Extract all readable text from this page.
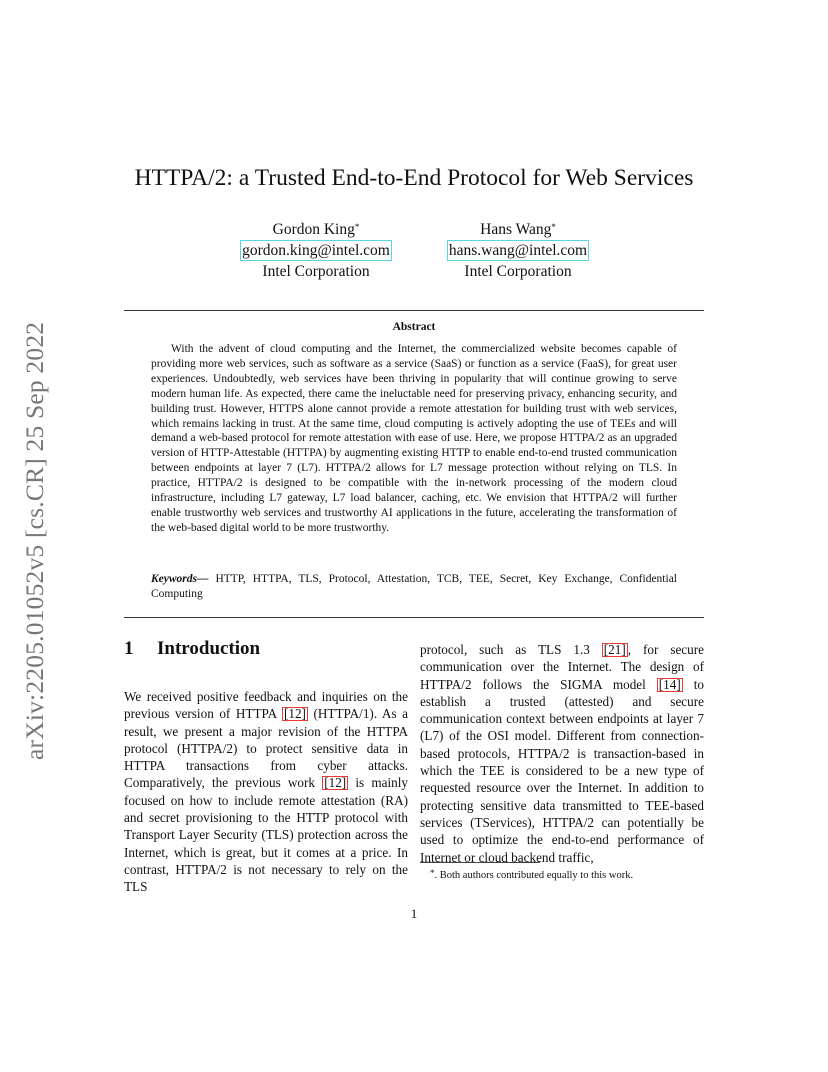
arXiv:2205.01052v5 [cs.CR] 25 Sep 2022
HTTPA/2: a Trusted End-to-End Protocol for Web Services
Gordon King*
gordon.king@intel.com
Intel Corporation
Hans Wang*
hans.wang@intel.com
Intel Corporation
Abstract

With the advent of cloud computing and the Internet, the commercialized website becomes capable of providing more web services, such as software as a service (SaaS) or function as a service (FaaS), for great user experiences. Undoubtedly, web services have been thriving in popularity that will continue growing to serve modern human life. As expected, there came the ineluctable need for preserving privacy, enhancing security, and building trust. However, HTTPS alone cannot provide a remote attestation for building trust with web services, which remains lacking in trust. At the same time, cloud computing is actively adopting the use of TEEs and will demand a web-based protocol for remote attestation with ease of use. Here, we propose HTTPA/2 as an upgraded version of HTTP-Attestable (HTTPA) by augmenting existing HTTP to enable end-to-end trusted communication between endpoints at layer 7 (L7). HTTPA/2 allows for L7 message protection without relying on TLS. In practice, HTTPA/2 is designed to be compatible with the in-network processing of the modern cloud infrastructure, including L7 gateway, L7 load balancer, caching, etc. We envision that HTTPA/2 will further enable trustworthy web services and trustworthy AI applications in the future, accelerating the transformation of the web-based digital world to be more trustworthy.

Keywords— HTTP, HTTPA, TLS, Protocol, Attestation, TCB, TEE, Secret, Key Exchange, Confidential Computing

1 Introduction

We received positive feedback and inquiries on the previous version of HTTPA [12] (HTTPA/1). As a result, we present a major revision of the HTTPA protocol (HTTPA/2) to protect sensitive data in HTTPA transactions from cyber attacks. Comparatively, the previous work [12] is mainly focused on how to include remote attestation (RA) and secret provisioning to the HTTP protocol with Transport Layer Security (TLS) protection across the Internet, which is great, but it comes at a price. In contrast, HTTPA/2 is not necessary to rely on the TLS

protocol, such as TLS 1.3 [21] , for secure communication over the Internet. The design of HTTPA/2 follows the SIGMA model [14] to establish a trusted (attested) and secure communication context between endpoints at layer 7 (L7) of the OSI model. Different from connection-based protocols, HTTPA/2 is transaction-based in which the TEE is considered to be a new type of requested resource over the Internet. In addition to protecting sensitive data transmitted to TEE-based services (TServices), HTTPA/2 can potentially be used to optimize the end-to-end performance of Internet or cloud backend traffic,

*. Both authors contributed equally to this work.

1
